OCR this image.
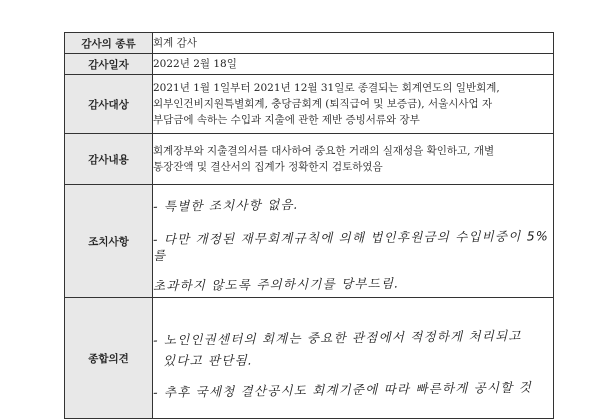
감사의 종류	회계 감사
감사일자	2022년 2월 18일
감사대상	2021년 1월 1일부터 2021년 12월 31일로 종결되는 회계연도의 일반회계,
외부인건비지원특별회계, 충당금회계 (퇴직급여 및 보증금), 서울시사업 자
부담금에 속하는 수입과 지출에 관한 제반 증빙서류와 장부

감사내용	회계장부와 지출결의서를 대사하여 중요한 거래의 실재성을 확인하고, 개별
통장잔액 및 결산서의 집계가 정확한지 검토하였음

조치사항	- 특별한 조치사항 없음.
- 다만 개정된 재무회계규칙에 의해 법인후원금의 수입비중이 5%를
초과하지 않도록 주의하시기를 당부드림.

종합의견	- 노인인권센터의 회계는 중요한 관점에서 적정하게 처리되고
있다고 판단됨.
- 추후 국세청 결산공시도 회계기준에 따라 빠른하게 공시할 것
